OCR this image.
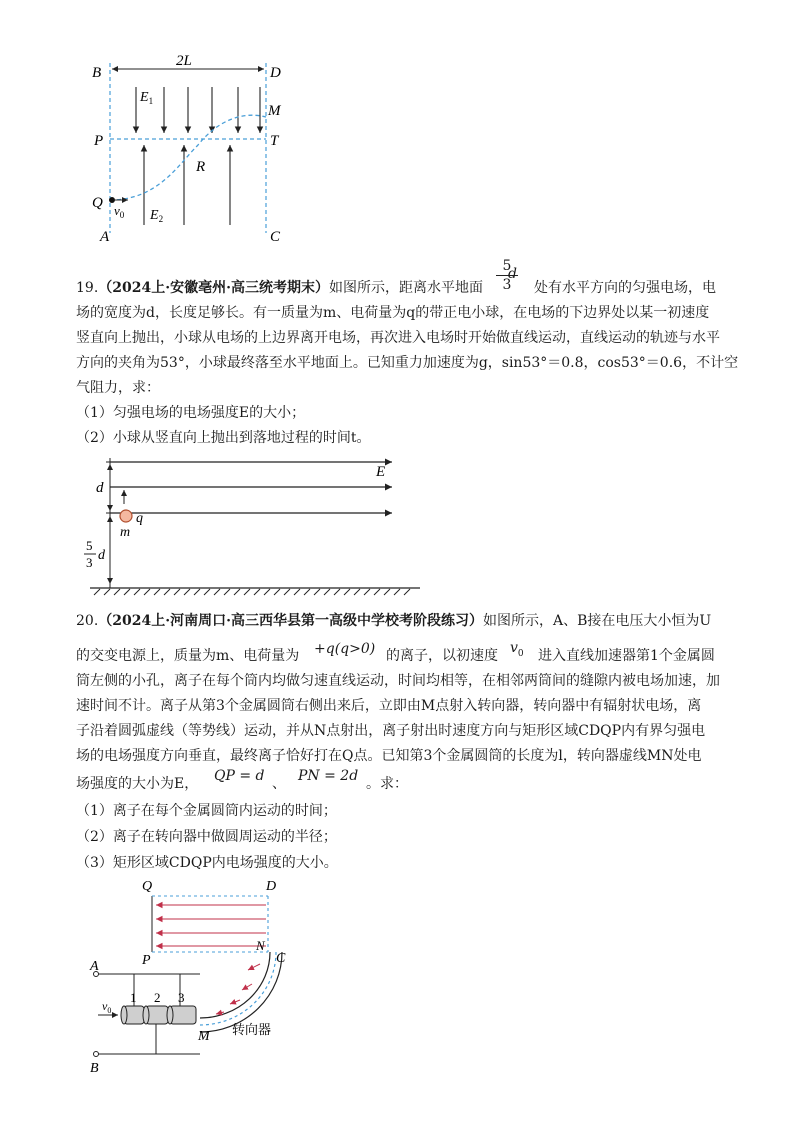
B	D
2L
M
P	T
R
Q
A	C
$E_1$
$E_2$
$v_0$
19.（2024上·安徽亳州·高三统考期末）如图所示，距离水平地面
5
3
d
处有水平方向的匀强电场，电
场的宽度为d，长度足够长。有一质量为m、电荷量为q的带正电小球，在电场的下边界处以某一初速度
竖直向上抛出，小球从电场的上边界离开电场，再次进入电场时开始做直线运动，直线运动的轨迹与水平
方向的夹角为53°，小球最终落至水平地面上。已知重力加速度为g，sin53°＝0.8，cos53°＝0.6，不计空
气阻力，求：
（1）匀强电场的电场强度E的大小；
（2）小球从竖直向上抛出到落地过程的时间t。
E
d
q
m
5
3 d
20.（2024上·河南周口·高三西华县第一高级中学校考阶段练习）如图所示，A、B接在电压大小恒为U
的交变电源上，质量为m、电荷量为 +q(q>0) 的离子，以初速度 $v_0$ 进入直线加速器第1个金属圆
筒左侧的小孔，离子在每个筒内均做匀速直线运动，时间均相等，在相邻两筒间的缝隙内被电场加速，加
速时间不计。离子从第3个金属圆筒右侧出来后，立即由M点射入转向器，转向器中有辐射状电场，离
子沿着圆弧虚线（等势线）运动，并从N点射出，离子射出时速度方向与矩形区域CDQP内有界匀强电
场的电场强度方向垂直，最终离子恰好打在Q点。已知第3个金属圆筒的长度为l，转向器虚线MN处电
场强度的大小为E， QP = d 、 PN = 2d 。求：
（1）离子在每个金属圆筒内运动的时间；
（2）离子在转向器中做圆周运动的半径；
（3）矩形区域CDQP内电场强度的大小。
Q	D
P
N
C
A
B
M
1 2 3
$v_0$
转向器
